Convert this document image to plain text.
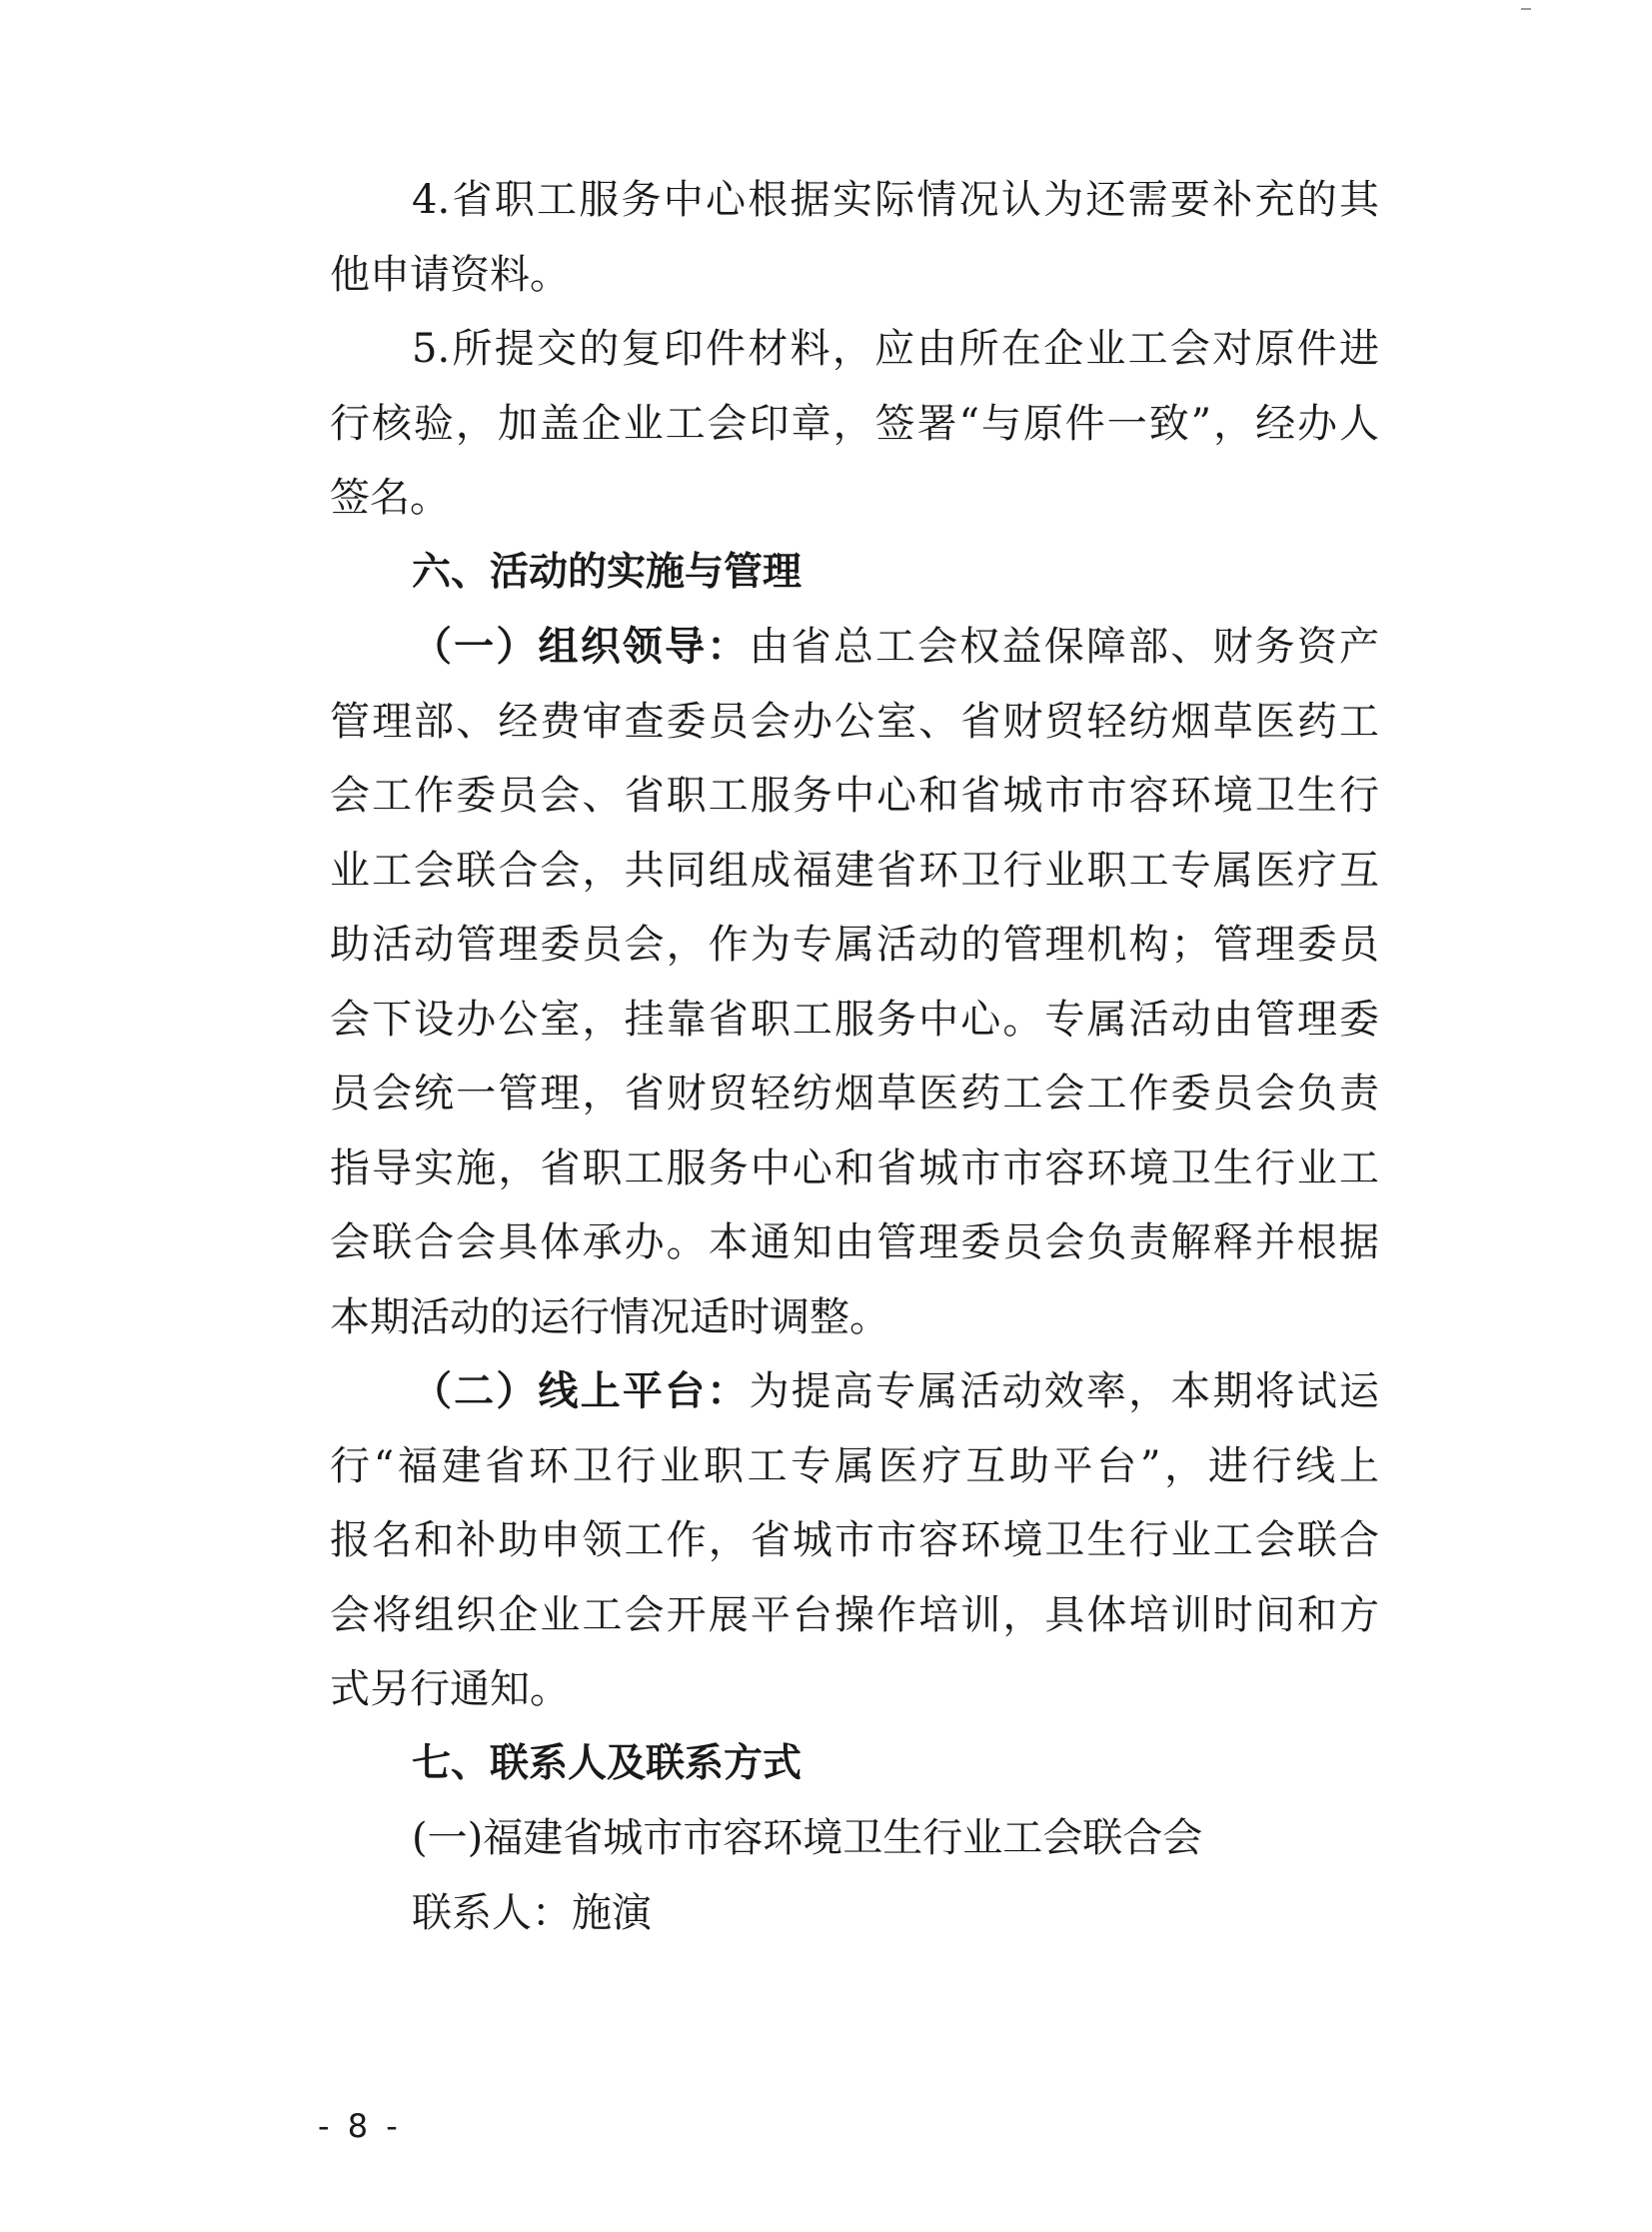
4.省职工服务中心根据实际情况认为还需要补充的其
他申请资料。
5.所提交的复印件材料，应由所在企业工会对原件进
行核验，加盖企业工会印章，签署“与原件一致”，经办人
签名。
六、活动的实施与管理
（一）组织领导：由省总工会权益保障部、财务资产
管理部、经费审查委员会办公室、省财贸轻纺烟草医药工
会工作委员会、省职工服务中心和省城市市容环境卫生行
业工会联合会，共同组成福建省环卫行业职工专属医疗互
助活动管理委员会，作为专属活动的管理机构；管理委员
会下设办公室，挂靠省职工服务中心。专属活动由管理委
员会统一管理，省财贸轻纺烟草医药工会工作委员会负责
指导实施，省职工服务中心和省城市市容环境卫生行业工
会联合会具体承办。本通知由管理委员会负责解释并根据
本期活动的运行情况适时调整。
（二）线上平台：为提高专属活动效率，本期将试运
行“福建省环卫行业职工专属医疗互助平台”，进行线上
报名和补助申领工作，省城市市容环境卫生行业工会联合
会将组织企业工会开展平台操作培训，具体培训时间和方
式另行通知。
七、联系人及联系方式
(一)福建省城市市容环境卫生行业工会联合会
联系人：施演
- 8 -
